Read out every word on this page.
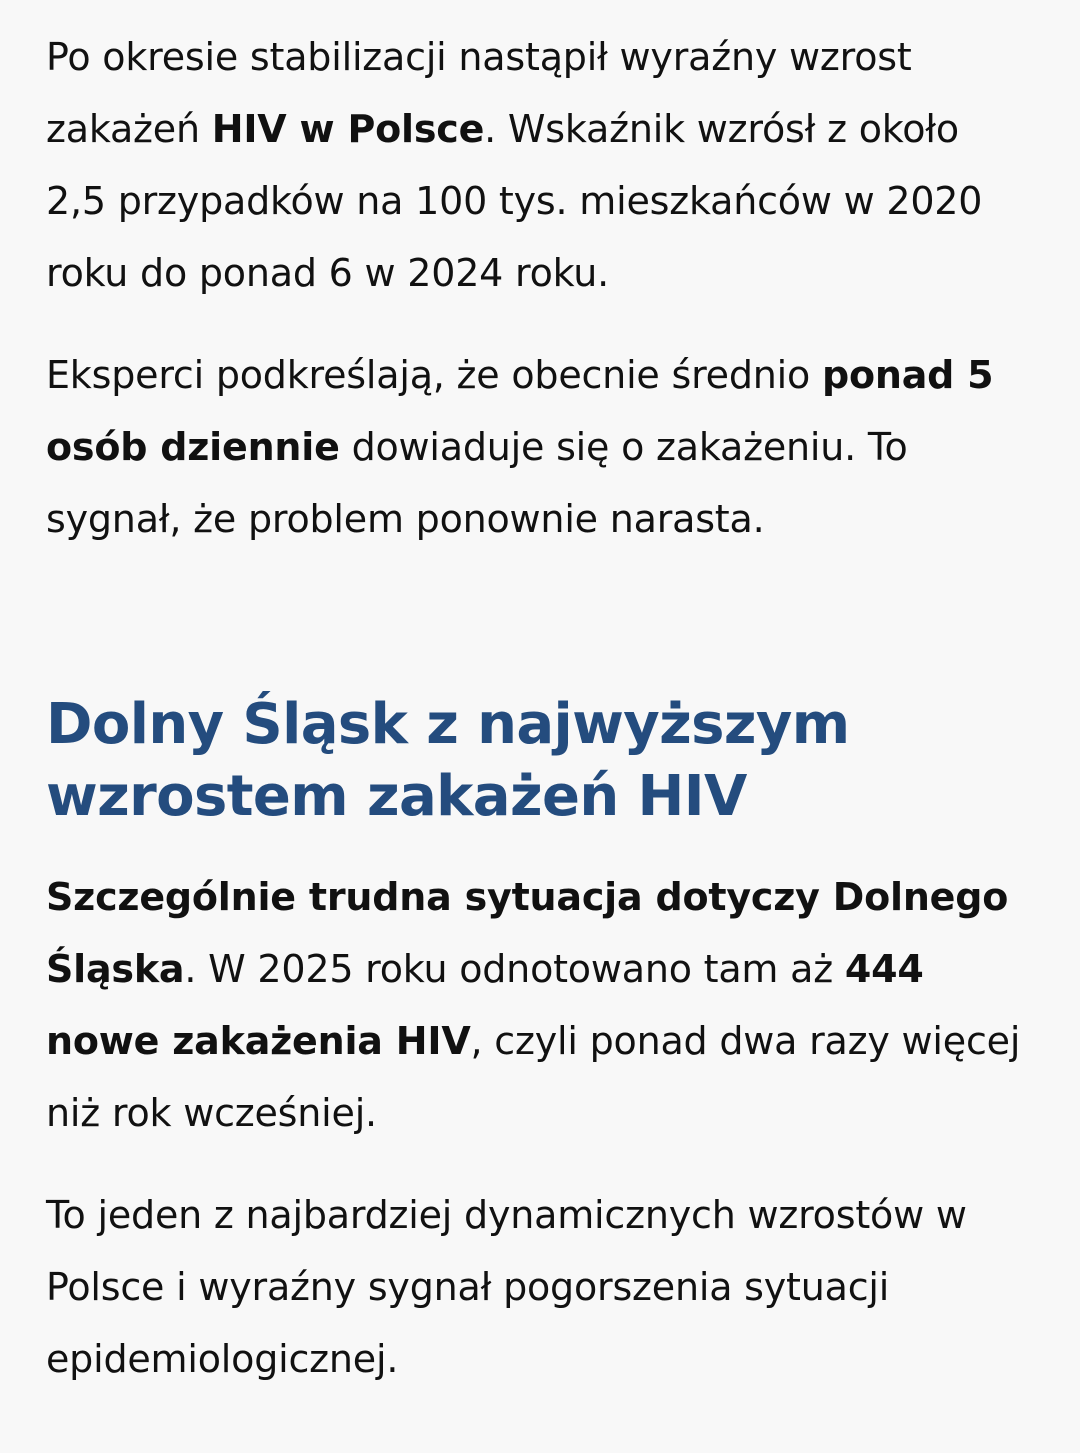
Po okresie stabilizacji nastąpił wyraźny wzrost zakażeń HIV w Polsce. Wskaźnik wzrósł z około 2,5 przypadków na 100 tys. mieszkańców w 2020 roku do ponad 6 w 2024 roku.

Eksperci podkreślają, że obecnie średnio ponad 5 osób dziennie dowiaduje się o zakażeniu. To sygnał, że problem ponownie narasta.

Dolny Śląsk z najwyższym wzrostem zakażeń HIV

Szczególnie trudna sytuacja dotyczy Dolnego Śląska. W 2025 roku odnotowano tam aż 444 nowe zakażenia HIV, czyli ponad dwa razy więcej niż rok wcześniej.

To jeden z najbardziej dynamicznych wzrostów w Polsce i wyraźny sygnał pogorszenia sytuacji epidemiologicznej.
